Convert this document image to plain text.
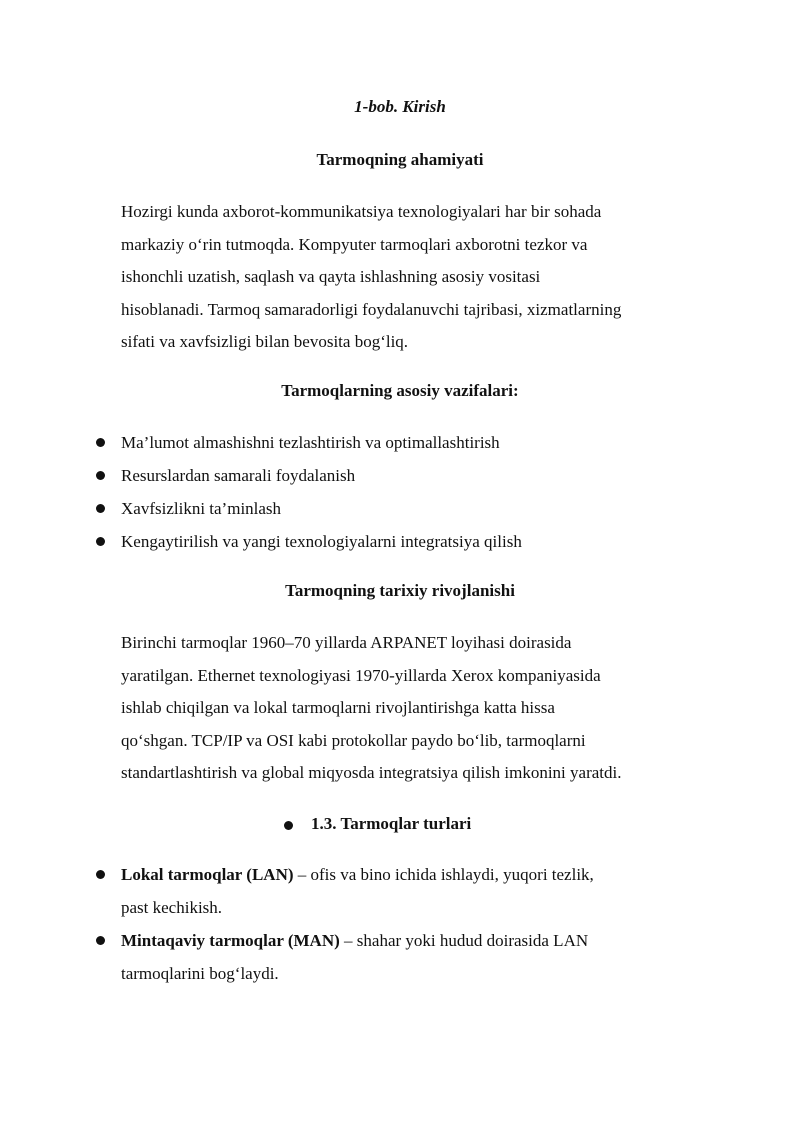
1-bob. Kirish
Tarmoqning ahamiyati
Hozirgi kunda axborot-kommunikatsiya texnologiyalari har bir sohada
markaziy o‘rin tutmoqda. Kompyuter tarmoqlari axborotni tezkor va
ishonchli uzatish, saqlash va qayta ishlashning asosiy vositasi
hisoblanadi. Tarmoq samaradorligi foydalanuvchi tajribasi, xizmatlarning
sifati va xavfsizligi bilan bevosita bog‘liq.
Tarmoqlarning asosiy vazifalari:
Ma’lumot almashishni tezlashtirish va optimallashtirish
Resurslardan samarali foydalanish
Xavfsizlikni ta’minlash
Kengaytirilish va yangi texnologiyalarni integratsiya qilish
Tarmoqning tarixiy rivojlanishi
Birinchi tarmoqlar 1960–70 yillarda ARPANET loyihasi doirasida
yaratilgan. Ethernet texnologiyasi 1970-yillarda Xerox kompaniyasida
ishlab chiqilgan va lokal tarmoqlarni rivojlantirishga katta hissa
qo‘shgan. TCP/IP va OSI kabi protokollar paydo bo‘lib, tarmoqlarni
standartlashtirish va global miqyosda integratsiya qilish imkonini yaratdi.
1.3. Tarmoqlar turlari
Lokal tarmoqlar (LAN) – ofis va bino ichida ishlaydi, yuqori tezlik,
past kechikish.
Mintaqaviy tarmoqlar (MAN) – shahar yoki hudud doirasida LAN
tarmoqlarini bog‘laydi.
